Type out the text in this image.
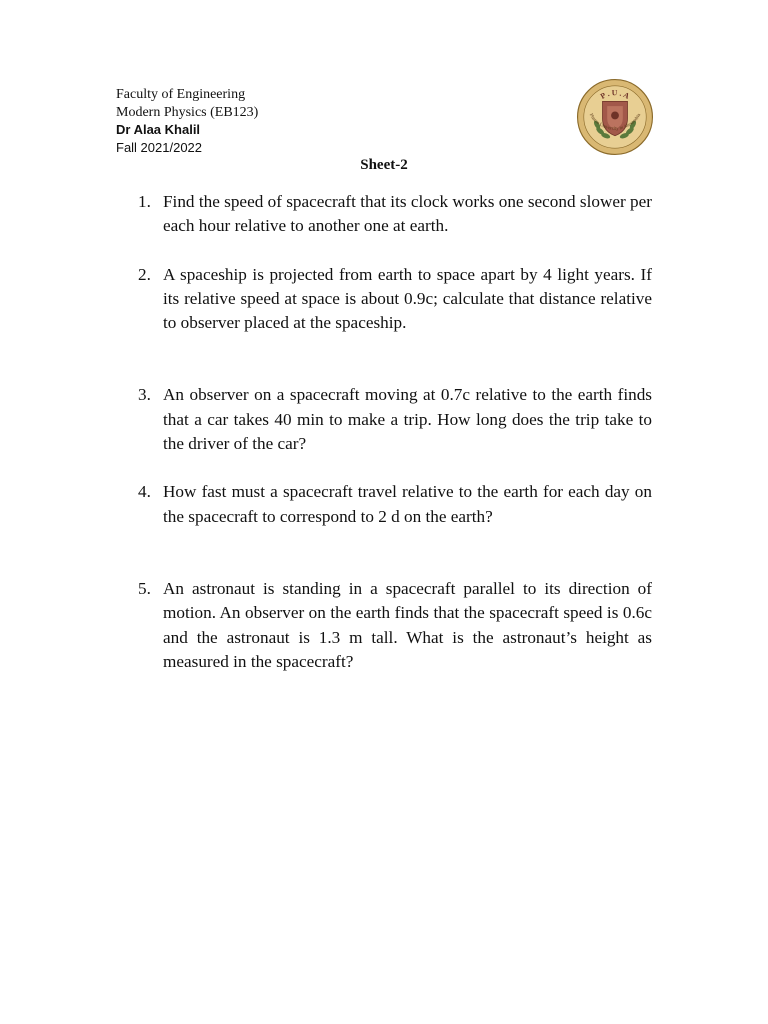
Faculty of Engineering
Modern Physics (EB123)
Dr Alaa Khalil
Fall 2021/2022
P . U . A
Pharos University in Alexandria
Sheet-2
1. Find the speed of spacecraft that its clock works one second slower per each hour relative to another one at earth.
2. A spaceship is projected from earth to space apart by 4 light years. If its relative speed at space is about 0.9c; calculate that distance relative to observer placed at the spaceship.
3. An observer on a spacecraft moving at 0.7c relative to the earth finds that a car takes 40 min to make a trip. How long does the trip take to the driver of the car?
4. How fast must a spacecraft travel relative to the earth for each day on the spacecraft to correspond to 2 d on the earth?
5. An astronaut is standing in a spacecraft parallel to its direction of motion. An observer on the earth finds that the spacecraft speed is 0.6c and the astronaut is 1.3 m tall. What is the astronaut’s height as measured in the spacecraft?
